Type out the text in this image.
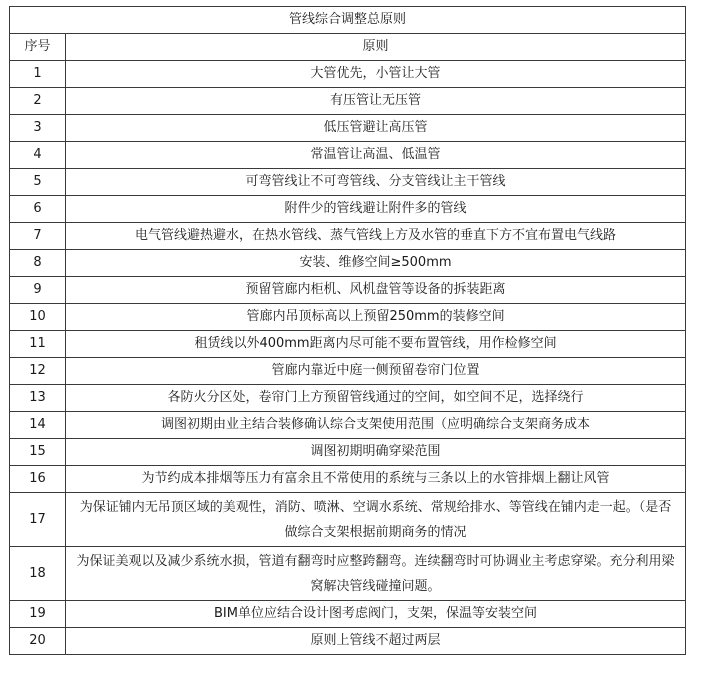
管线综合调整总原则	
序号	原则
1	大管优先，小管让大管
2	有压管让无压管
3	低压管避让高压管
4	常温管让高温、低温管
5	可弯管线让不可弯管线、分支管线让主干管线
6	附件少的管线避让附件多的管线
7	电气管线避热避水，在热水管线、蒸气管线上方及水管的垂直下方不宜布置电气线路
8	安装、维修空间≥500mm
9	预留管廊内柜机、风机盘管等设备的拆装距离
10	管廊内吊顶标高以上预留250mm的装修空间
11	租赁线以外400mm距离内尽可能不要布置管线，用作检修空间
12	管廊内靠近中庭一侧预留卷帘门位置
13	各防火分区处，卷帘门上方预留管线通过的空间，如空间不足，选择绕行
14	调图初期由业主结合装修确认综合支架使用范围（应明确综合支架商务成本
15	调图初期明确穿梁范围
16	为节约成本排烟等压力有富余且不常使用的系统与三条以上的水管排烟上翻让风管
17	为保证铺内无吊顶区域的美观性，消防、喷淋、空调水系统、常规给排水、等管线在铺内走一起。（是否做综合支架根据前期商务的情况
18	为保证美观以及减少系统水损，管道有翻弯时应整跨翻弯。连续翻弯时可协调业主考虑穿梁。充分利用梁窝解决管线碰撞问题。
19	BIM单位应结合设计图考虑阀门，支架，保温等安装空间
20	原则上管线不超过两层
